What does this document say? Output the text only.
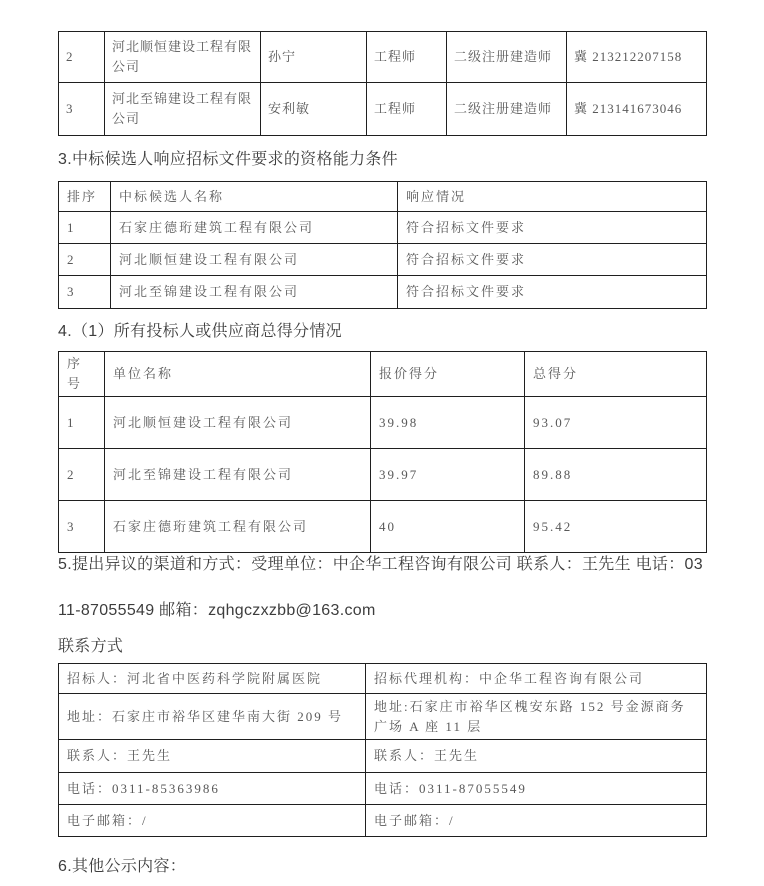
2	河北顺恒建设工程有限公司	孙宁	工程师	二级注册建造师	冀 213212207158
3	河北至锦建设工程有限公司	安利敏	工程师	二级注册建造师	冀 213141673046
3.中标候选人响应招标文件要求的资格能力条件
排序	中标候选人名称	响应情况
1	石家庄德珩建筑工程有限公司	符合招标文件要求
2	河北顺恒建设工程有限公司	符合招标文件要求
3	河北至锦建设工程有限公司	符合招标文件要求
4.（1）所有投标人或供应商总得分情况
序号	单位名称	报价得分	总得分
1	河北顺恒建设工程有限公司	39.98	93.07
2	河北至锦建设工程有限公司	39.97	89.88
3	石家庄德珩建筑工程有限公司	40	95.42
5.提出异议的渠道和方式：受理单位：中企华工程咨询有限公司 联系人：王先生 电话：0311-87055549 邮箱：zqhgczxzbb@163.com
联系方式
招标人：河北省中医药科学院附属医院	招标代理机构：中企华工程咨询有限公司
地址：石家庄市裕华区建华南大街 209 号	地址:石家庄市裕华区槐安东路 152 号金源商务广场 A 座 11 层
联系人：王先生	联系人：王先生
电话：0311-85363986	电话：0311-87055549
电子邮箱：/	电子邮箱：/
6.其他公示内容：
